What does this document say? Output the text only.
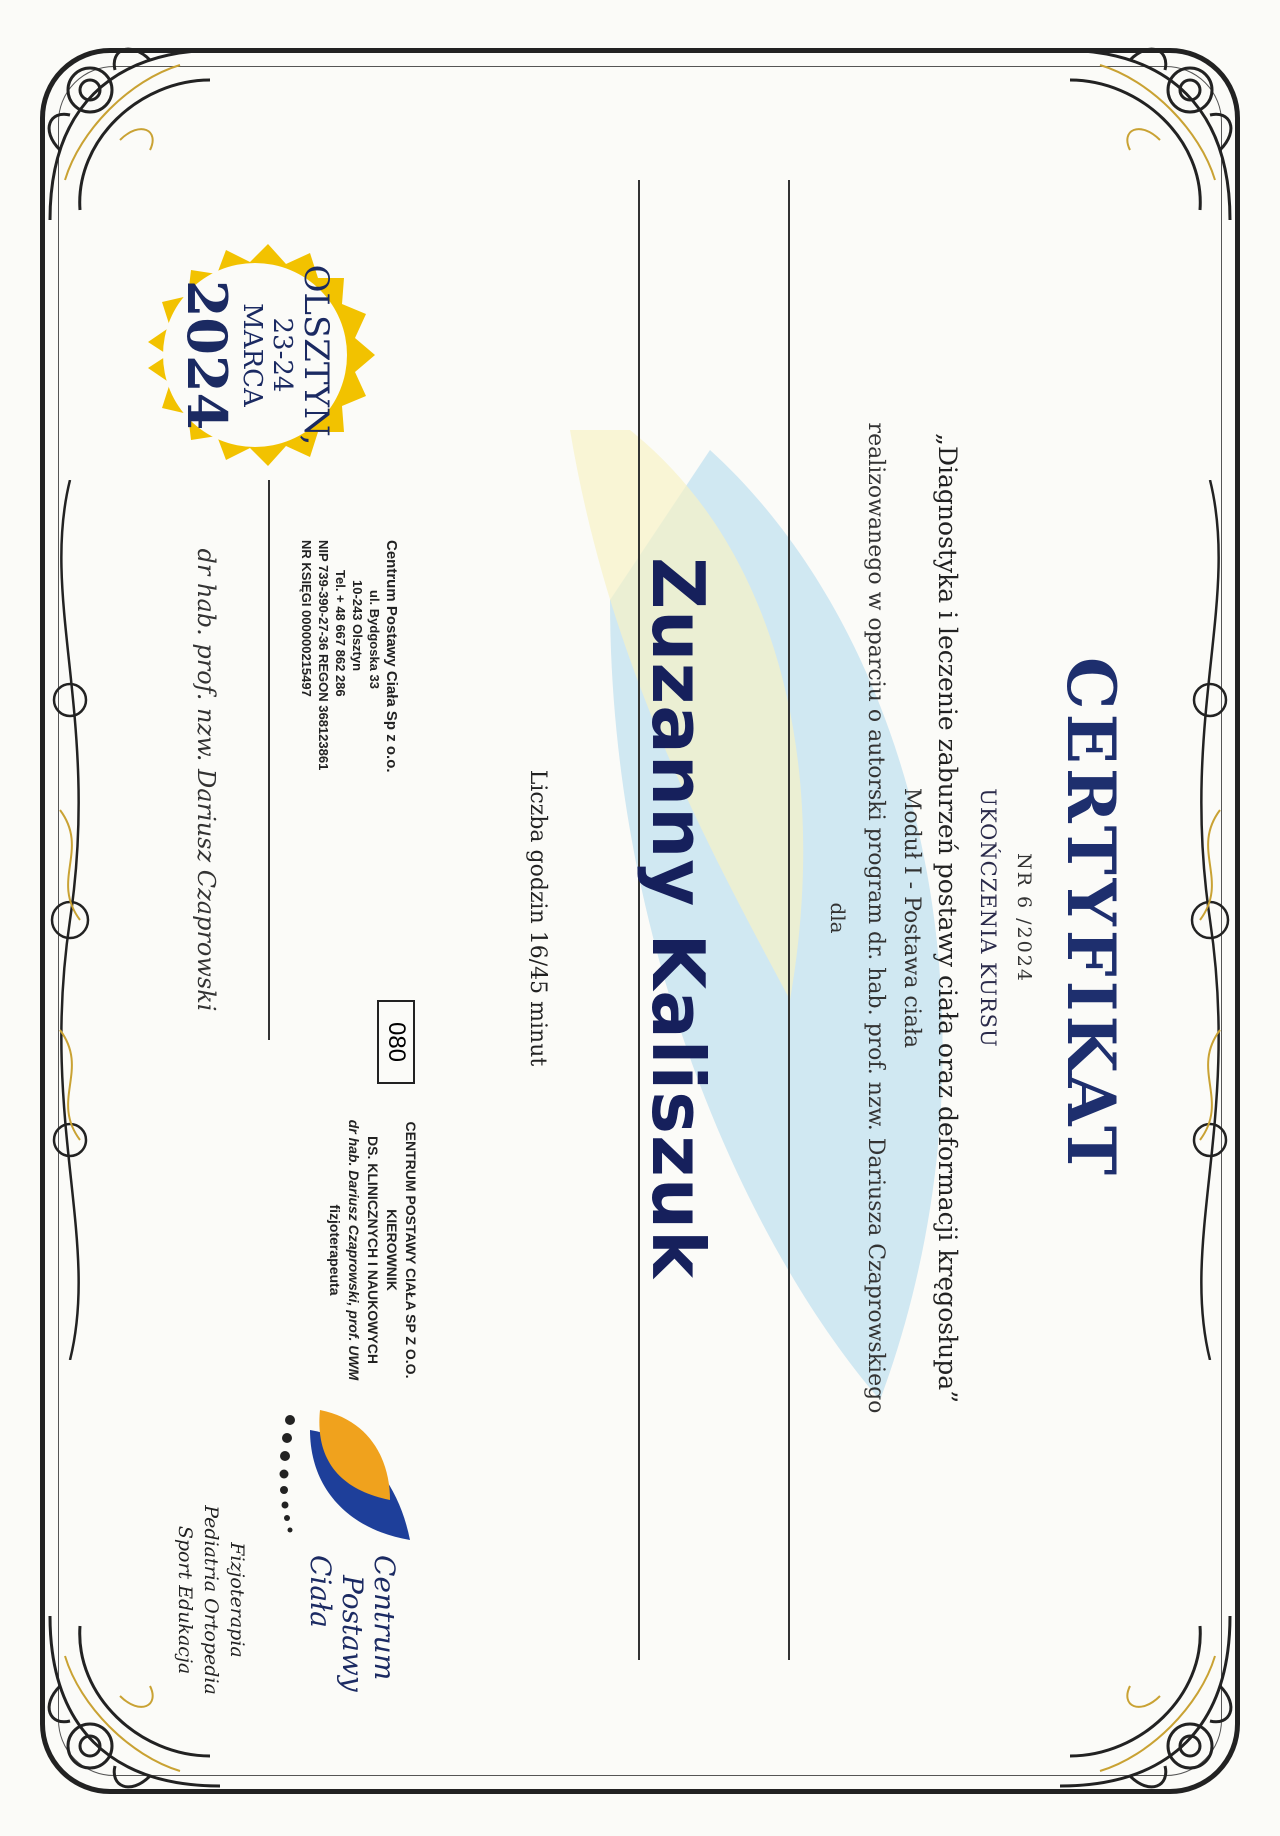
CERTYFIKAT
NR 6 /2024
UKOŃCZENIA KURSU
„Diagnostyka i leczenie zaburzeń postawy ciała oraz deformacji kręgosłupa”
Moduł I - Postawa ciała
realizowanego w oparciu o autorski program dr. hab. prof. nzw. Dariusza Czaprowskiego
dla
Zuzanny Kaliszuk
Liczba godzin 16/45 minut
Centrum Postawy Ciała Sp z o.o.
ul. Bydgoska 33
10-243 Olsztyn
Tel. + 48 667 862 286
NIP 739-390-27-36 REGON 368123861
NR KSIĘGI 000000215497
dr hab. prof. nzw. Dariusz Czaprowski
080
CENTRUM POSTAWY CIAŁA SP Z O.O.
KIEROWNIK
DS. KLINICZNYCH I NAUKOWYCH
dr hab. Dariusz Czaprowski, prof. UWM
fizjoterapeuta
OLSZTYN,
23-24
MARCA
2024
Centrum
Postawy
Ciała
Fizjoterapia
Pediatria Ortopedia
Sport Edukacja
